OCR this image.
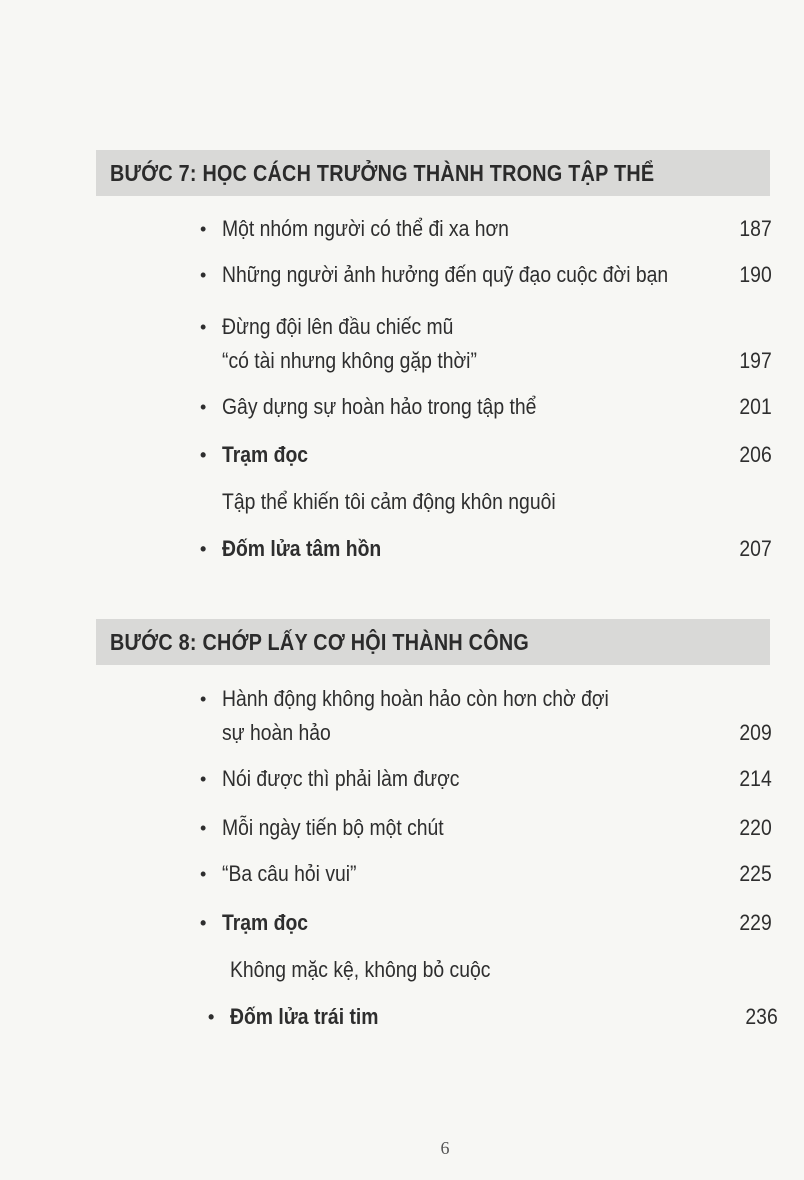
BƯỚC 7: HỌC CÁCH TRƯỞNG THÀNH TRONG TẬP THỂ
• Một nhóm người có thể đi xa hơn	187
• Những người ảnh hưởng đến quỹ đạo cuộc đời bạn	190
• Đừng đội lên đầu chiếc mũ
“có tài nhưng không gặp thời”	197
• Gây dựng sự hoàn hảo trong tập thể	201
• Trạm đọc	206
Tập thể khiến tôi cảm động khôn nguôi
• Đốm lửa tâm hồn	207
BƯỚC 8: CHỚP LẤY CƠ HỘI THÀNH CÔNG
• Hành động không hoàn hảo còn hơn chờ đợi
sự hoàn hảo	209
• Nói được thì phải làm được	214
• Mỗi ngày tiến bộ một chút	220
• “Ba câu hỏi vui”	225
• Trạm đọc	229
Không mặc kệ, không bỏ cuộc
• Đốm lửa trái tim	236
6
